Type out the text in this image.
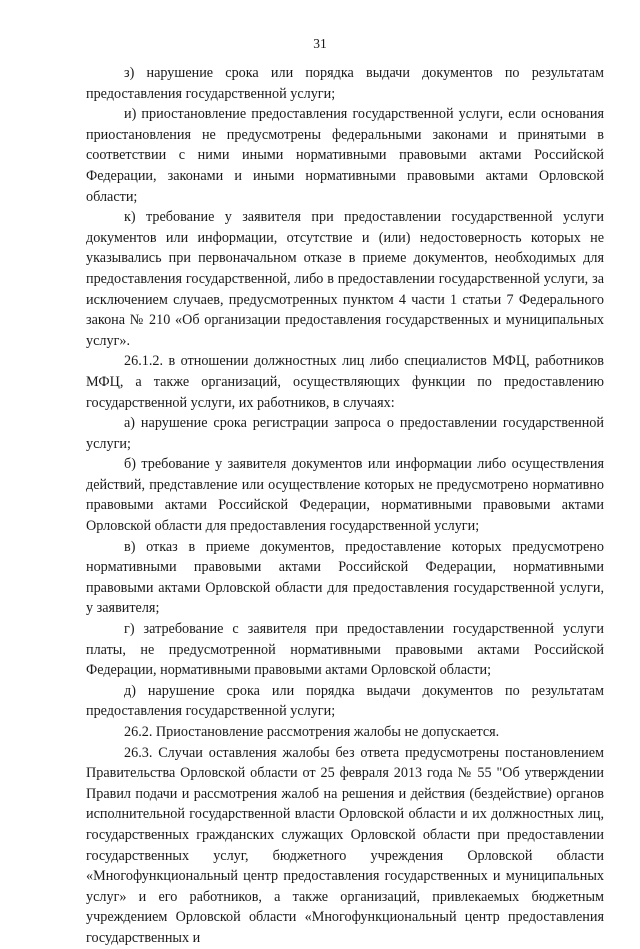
31

з) нарушение срока или порядка выдачи документов по результатам предоставления государственной услуги;

и) приостановление предоставления государственной услуги, если основания приостановления не предусмотрены федеральными законами и принятыми в соответствии с ними иными нормативными правовыми актами Российской Федерации, законами и иными нормативными правовыми актами Орловской области;

к) требование у заявителя при предоставлении государственной услуги документов или информации, отсутствие и (или) недостоверность которых не указывались при первоначальном отказе в приеме документов, необходимых для предоставления государственной, либо в предоставлении государственной услуги, за исключением случаев, предусмотренных пунктом 4 части 1 статьи 7 Федерального закона № 210 «Об организации предоставления государственных и муниципальных услуг».

26.1.2. в отношении должностных лиц либо специалистов МФЦ, работников МФЦ, а также организаций, осуществляющих функции по предоставлению государственной услуги, их работников, в случаях:

а) нарушение срока регистрации запроса о предоставлении государственной услуги;

б) требование у заявителя документов или информации либо осуществления действий, представление или осуществление которых не предусмотрено нормативно правовыми актами Российской Федерации, нормативными правовыми актами Орловской области для предоставления государственной услуги;

в) отказ в приеме документов, предоставление которых предусмотрено нормативными правовыми актами Российской Федерации, нормативными правовыми актами Орловской области для предоставления государственной услуги, у заявителя;

г) затребование с заявителя при предоставлении государственной услуги платы, не предусмотренной нормативными правовыми актами Российской Федерации, нормативными правовыми актами Орловской области;

д) нарушение срока или порядка выдачи документов по результатам предоставления государственной услуги;

26.2. Приостановление рассмотрения жалобы не допускается.

26.3. Случаи оставления жалобы без ответа предусмотрены постановлением Правительства Орловской области от 25 февраля 2013 года № 55 "Об утверждении Правил подачи и рассмотрения жалоб на решения и действия (бездействие) органов исполнительной государственной власти Орловской области и их должностных лиц, государственных гражданских служащих Орловской области при предоставлении государственных услуг, бюджетного учреждения Орловской области «Многофункциональный центр предоставления государственных и муниципальных услуг» и его работников, а также организаций, привлекаемых бюджетным учреждением Орловской области «Многофункциональный центр предоставления государственных и
